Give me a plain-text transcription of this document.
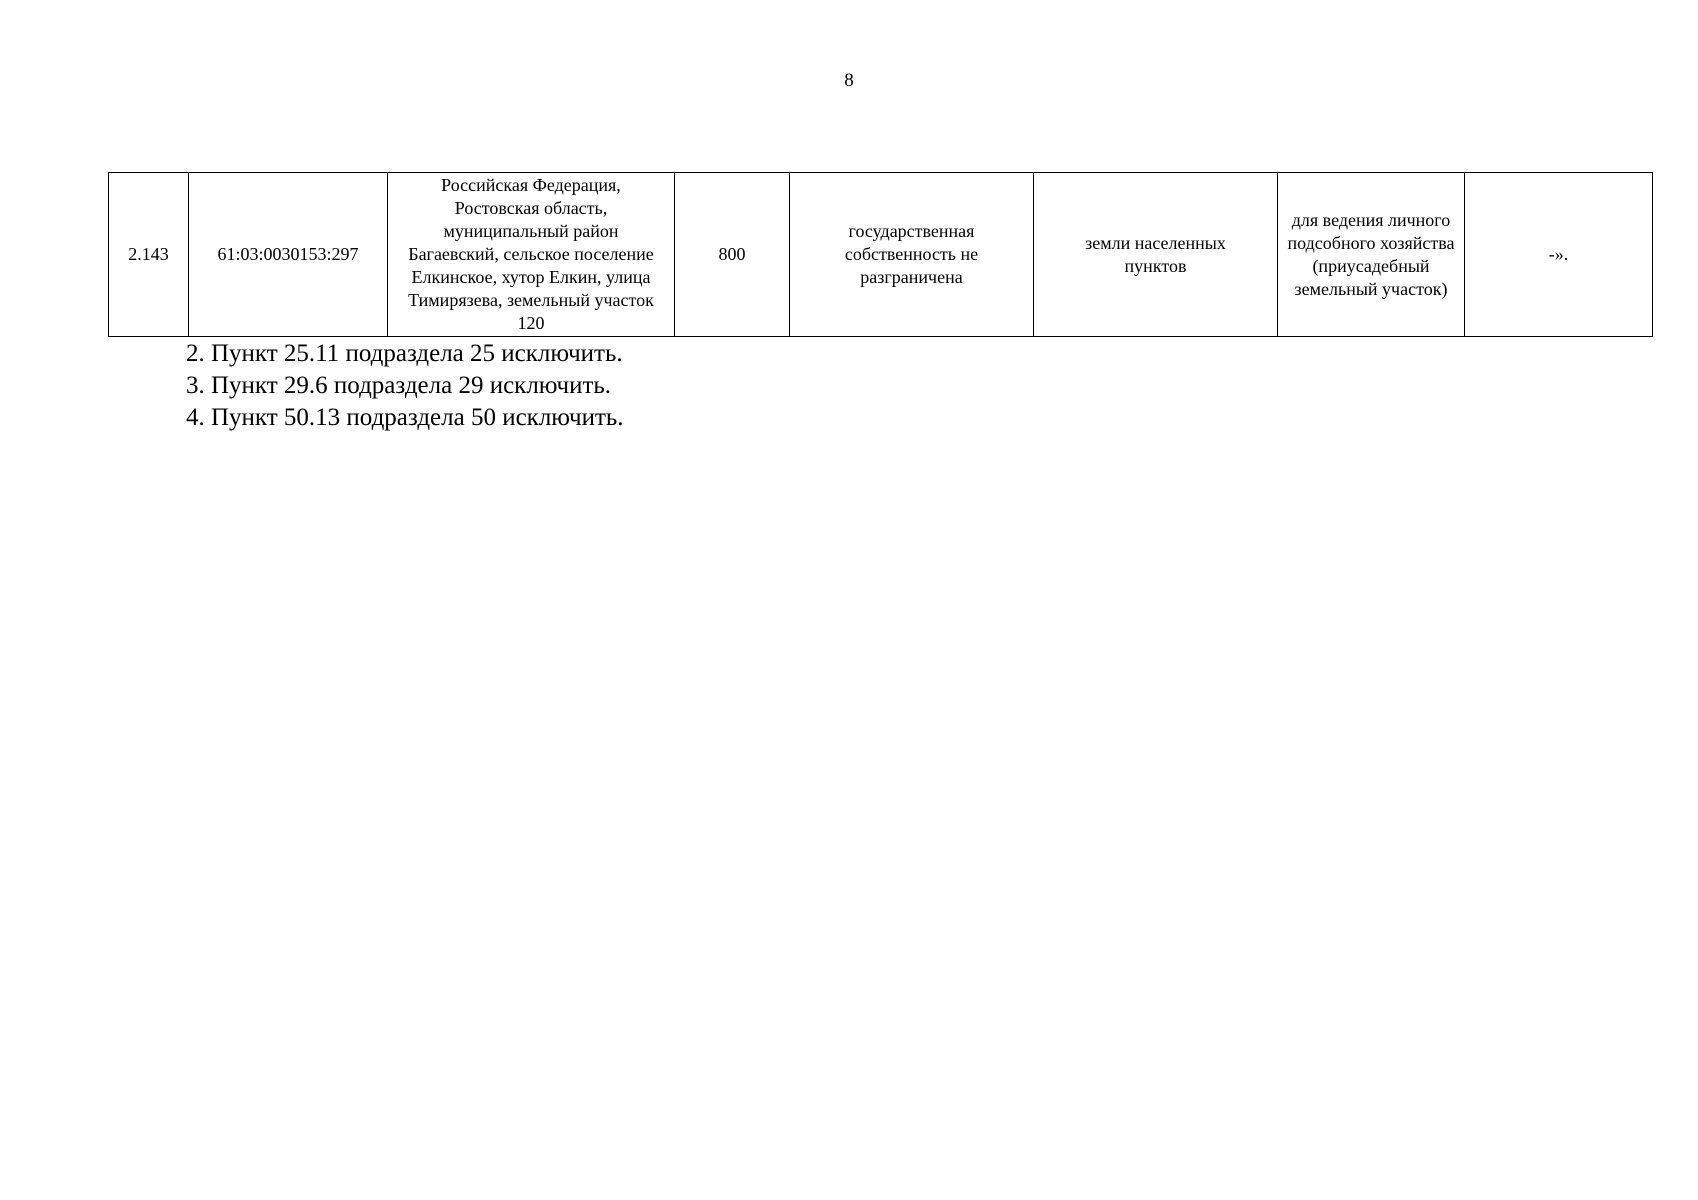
8
2.143	61:03:0030153:297	Российская Федерация, Ростовская область, муниципальный район Багаевский, сельское поселение Елкинское, хутор Елкин, улица Тимирязева, земельный участок 120	800	государственная собственность не разграничена	земли населенных пунктов	для ведения личного подсобного хозяйства (приусадебный земельный участок)	-».
2. Пункт 25.11 подраздела 25 исключить.
3. Пункт 29.6 подраздела 29 исключить.
4. Пункт 50.13 подраздела 50 исключить.
